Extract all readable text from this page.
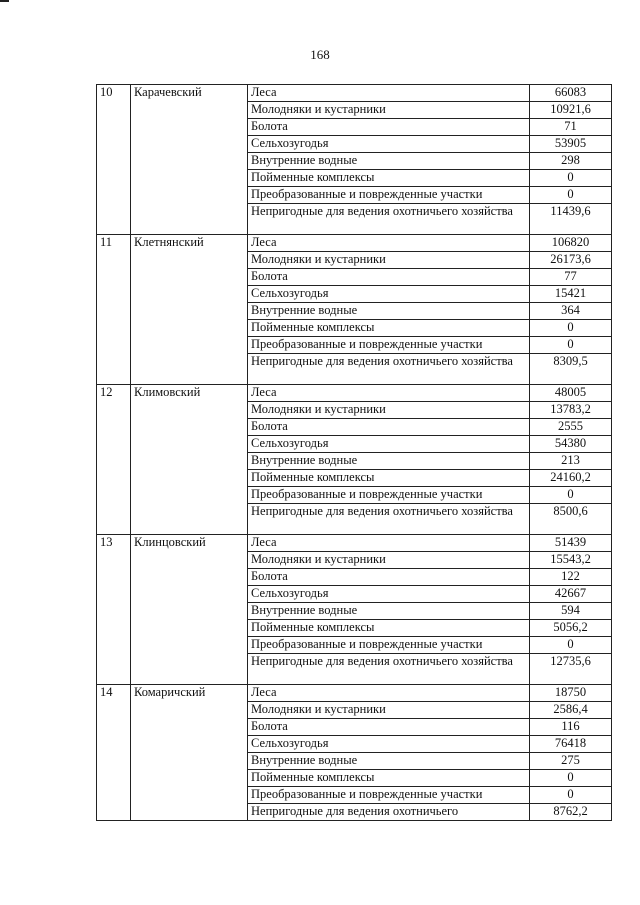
168
10	Карачевский	Леса	66083
		Молодняки и кустарники	10921,6
		Болота	71
		Сельхозугодья	53905
		Внутренние водные	298
		Пойменные комплексы	0
		Преобразованные и поврежденные участки	0
		Непригодные для ведения охотничьего хозяйства	11439,6
11	Клетнянский	Леса	106820
		Молодняки и кустарники	26173,6
		Болота	77
		Сельхозугодья	15421
		Внутренние водные	364
		Пойменные комплексы	0
		Преобразованные и поврежденные участки	0
		Непригодные для ведения охотничьего хозяйства	8309,5
12	Климовский	Леса	48005
		Молодняки и кустарники	13783,2
		Болота	2555
		Сельхозугодья	54380
		Внутренние водные	213
		Пойменные комплексы	24160,2
		Преобразованные и поврежденные участки	0
		Непригодные для ведения охотничьего хозяйства	8500,6
13	Клинцовский	Леса	51439
		Молодняки и кустарники	15543,2
		Болота	122
		Сельхозугодья	42667
		Внутренние водные	594
		Пойменные комплексы	5056,2
		Преобразованные и поврежденные участки	0
		Непригодные для ведения охотничьего хозяйства	12735,6
14	Комаричский	Леса	18750
		Молодняки и кустарники	2586,4
		Болота	116
		Сельхозугодья	76418
		Внутренние водные	275
		Пойменные комплексы	0
		Преобразованные и поврежденные участки	0
		Непригодные для ведения охотничьего	8762,2
